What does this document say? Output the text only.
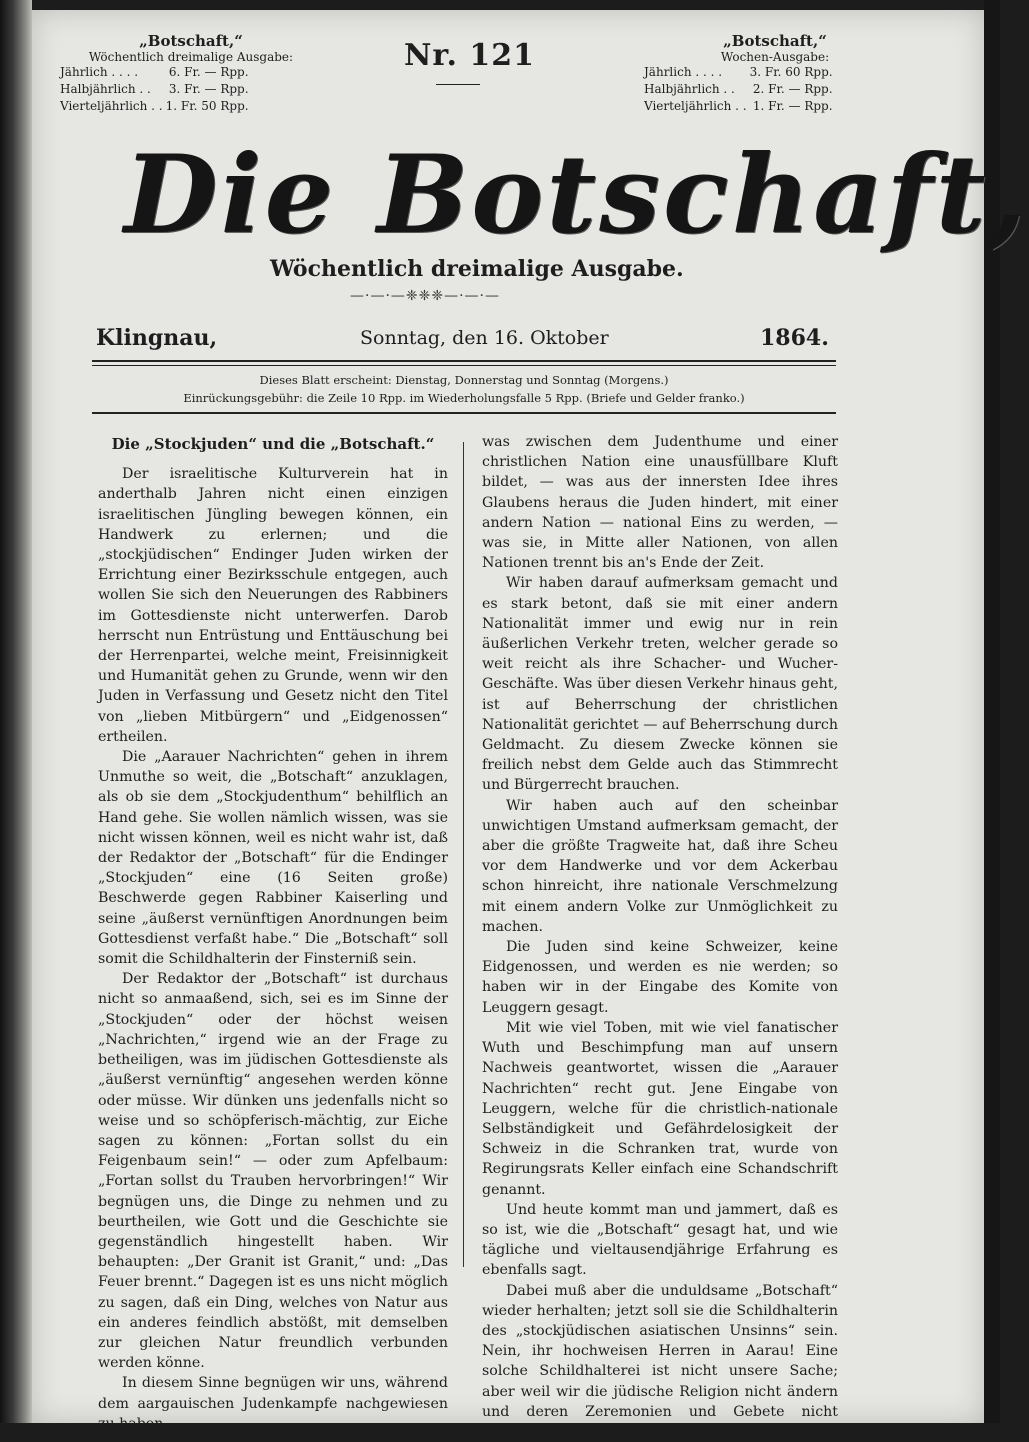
„Botschaft,“
Wöchentlich dreimalige Ausgabe:
Jährlich . . . .	6. Fr. — Rpp.
Halbjährlich . .	3. Fr. — Rpp.
Vierteljährlich . .	1. Fr. 50 Rpp.
Nr. 121	„Botschaft,“
Wochen-Ausgabe:
Jährlich . . . .	3. Fr. 60 Rpp.
Halbjährlich . .	2. Fr. — Rpp.
Vierteljährlich . .	1. Fr. — Rpp.
Die Botschaft,
Wöchentlich dreimalige Ausgabe.
—·—·—❈❈❈—·—·—
Klingnau,	Sonntag, den 16. Oktober	1864.
Dieses Blatt erscheint: Dienstag, Donnerstag und Sonntag (Morgens.)
Einrückungsgebühr: die Zeile 10 Rpp. im Wiederholungsfalle 5 Rpp. (Briefe und Gelder franko.)
Die „Stockjuden“ und die „Botschaft.“

Der israelitische Kulturverein hat in anderthalb Jahren nicht einen einzigen israelitischen Jüngling bewegen können, ein Handwerk zu erlernen; und die „stockjüdischen“ Endinger Juden wirken der Errichtung einer Bezirksschule entgegen, auch wollen Sie sich den Neuerungen des Rabbiners im Gottesdienste nicht unterwerfen. Darob herrscht nun Entrüstung und Enttäuschung bei der Herrenpartei, welche meint, Freisinnigkeit und Humanität gehen zu Grunde, wenn wir den Juden in Verfassung und Gesetz nicht den Titel von „lieben Mitbürgern“ und „Eidgenossen“ ertheilen.

Die „Aarauer Nachrichten“ gehen in ihrem Unmuthe so weit, die „Botschaft“ anzuklagen, als ob sie dem „Stockjudenthum“ behilflich an Hand gehe. Sie wollen nämlich wissen, was sie nicht wissen können, weil es nicht wahr ist, daß der Redaktor der „Botschaft“ für die Endinger „Stockjuden“ eine (16 Seiten große) Beschwerde gegen Rabbiner Kaiserling und seine „äußerst vernünftigen Anordnungen beim Gottesdienst verfaßt habe.“ Die „Botschaft“ soll somit die Schildhalterin der Finsterniß sein.

Der Redaktor der „Botschaft“ ist durchaus nicht so anmaaßend, sich, sei es im Sinne der „Stockjuden“ oder der höchst weisen „Nachrichten,“ irgend wie an der Frage zu betheiligen, was im jüdischen Gottesdienste als „äußerst vernünftig“ angesehen werden könne oder müsse. Wir dünken uns jedenfalls nicht so weise und so schöpferisch-mächtig, zur Eiche sagen zu können: „Fortan sollst du ein Feigenbaum sein!“ — oder zum Apfelbaum: „Fortan sollst du Trauben hervorbringen!“ Wir begnügen uns, die Dinge zu nehmen und zu beurtheilen, wie Gott und die Geschichte sie gegenständlich hingestellt haben. Wir behaupten: „Der Granit ist Granit,“ und: „Das Feuer brennt.“ Dagegen ist es uns nicht möglich zu sagen, daß ein Ding, welches von Natur aus ein anderes feindlich abstößt, mit demselben zur gleichen Natur freundlich verbunden werden könne.

In diesem Sinne begnügen wir uns, während dem aargauischen Judenkampfe nachgewiesen zu haben,

was zwischen dem Judenthume und einer christlichen Nation eine unausfüllbare Kluft bildet, — was aus der innersten Idee ihres Glaubens heraus die Juden hindert, mit einer andern Nation — national Eins zu werden, — was sie, in Mitte aller Nationen, von allen Nationen trennt bis an's Ende der Zeit.

Wir haben darauf aufmerksam gemacht und es stark betont, daß sie mit einer andern Nationalität immer und ewig nur in rein äußerlichen Verkehr treten, welcher gerade so weit reicht als ihre Schacher- und Wucher-Geschäfte. Was über diesen Verkehr hinaus geht, ist auf Beherrschung der christlichen Nationalität gerichtet — auf Beherrschung durch Geldmacht. Zu diesem Zwecke können sie freilich nebst dem Gelde auch das Stimmrecht und Bürgerrecht brauchen.

Wir haben auch auf den scheinbar unwichtigen Umstand aufmerksam gemacht, der aber die größte Tragweite hat, daß ihre Scheu vor dem Handwerke und vor dem Ackerbau schon hinreicht, ihre nationale Verschmelzung mit einem andern Volke zur Unmöglichkeit zu machen.

Die Juden sind keine Schweizer, keine Eidgenossen, und werden es nie werden; so haben wir in der Eingabe des Komite von Leuggern gesagt.

Mit wie viel Toben, mit wie viel fanatischer Wuth und Beschimpfung man auf unsern Nachweis geantwortet, wissen die „Aarauer Nachrichten“ recht gut. Jene Eingabe von Leuggern, welche für die christlich-nationale Selbständigkeit und Gefährdelosigkeit der Schweiz in die Schranken trat, wurde von Regirungsrats Keller einfach eine Schandschrift genannt.

Und heute kommt man und jammert, daß es so ist, wie die „Botschaft“ gesagt hat, und wie tägliche und vieltausendjährige Erfahrung es ebenfalls sagt.

Dabei muß aber die unduldsame „Botschaft“ wieder herhalten; jetzt soll sie die Schildhalterin des „stockjüdischen asiatischen Unsinns“ sein. Nein, ihr hochweisen Herren in Aarau! Eine solche Schildhalterei ist nicht unsere Sache; aber weil wir die jüdische Religion nicht ändern und deren Zeremonien und Gebete nicht beherrschen können, so ist es auch nicht unsere
